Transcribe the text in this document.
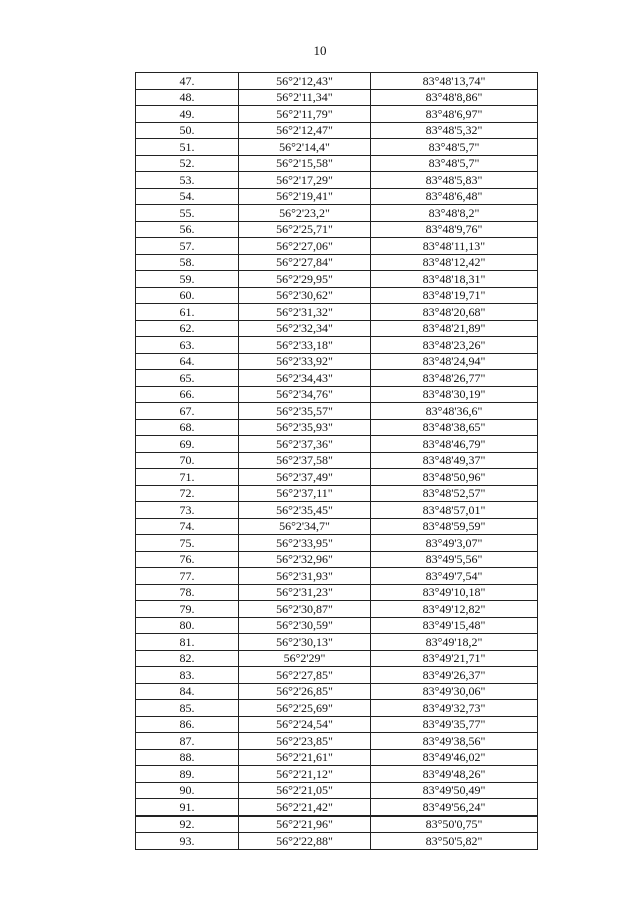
10
47.	56°2'12,43"	83°48'13,74"
48.	56°2'11,34"	83°48'8,86"
49.	56°2'11,79"	83°48'6,97"
50.	56°2'12,47"	83°48'5,32"
51.	56°2'14,4"	83°48'5,7"
52.	56°2'15,58"	83°48'5,7"
53.	56°2'17,29"	83°48'5,83"
54.	56°2'19,41"	83°48'6,48"
55.	56°2'23,2"	83°48'8,2"
56.	56°2'25,71"	83°48'9,76"
57.	56°2'27,06"	83°48'11,13"
58.	56°2'27,84"	83°48'12,42"
59.	56°2'29,95"	83°48'18,31"
60.	56°2'30,62"	83°48'19,71"
61.	56°2'31,32"	83°48'20,68"
62.	56°2'32,34"	83°48'21,89"
63.	56°2'33,18"	83°48'23,26"
64.	56°2'33,92"	83°48'24,94"
65.	56°2'34,43"	83°48'26,77"
66.	56°2'34,76"	83°48'30,19"
67.	56°2'35,57"	83°48'36,6"
68.	56°2'35,93"	83°48'38,65"
69.	56°2'37,36"	83°48'46,79"
70.	56°2'37,58"	83°48'49,37"
71.	56°2'37,49"	83°48'50,96"
72.	56°2'37,11"	83°48'52,57"
73.	56°2'35,45"	83°48'57,01"
74.	56°2'34,7"	83°48'59,59"
75.	56°2'33,95"	83°49'3,07"
76.	56°2'32,96"	83°49'5,56"
77.	56°2'31,93"	83°49'7,54"
78.	56°2'31,23"	83°49'10,18"
79.	56°2'30,87"	83°49'12,82"
80.	56°2'30,59"	83°49'15,48"
81.	56°2'30,13"	83°49'18,2"
82.	56°2'29"	83°49'21,71"
83.	56°2'27,85"	83°49'26,37"
84.	56°2'26,85"	83°49'30,06"
85.	56°2'25,69"	83°49'32,73"
86.	56°2'24,54"	83°49'35,77"
87.	56°2'23,85"	83°49'38,56"
88.	56°2'21,61"	83°49'46,02"
89.	56°2'21,12"	83°49'48,26"
90.	56°2'21,05"	83°49'50,49"
91.	56°2'21,42"	83°49'56,24"
92.	56°2'21,96"	83°50'0,75"
93.	56°2'22,88"	83°50'5,82"
